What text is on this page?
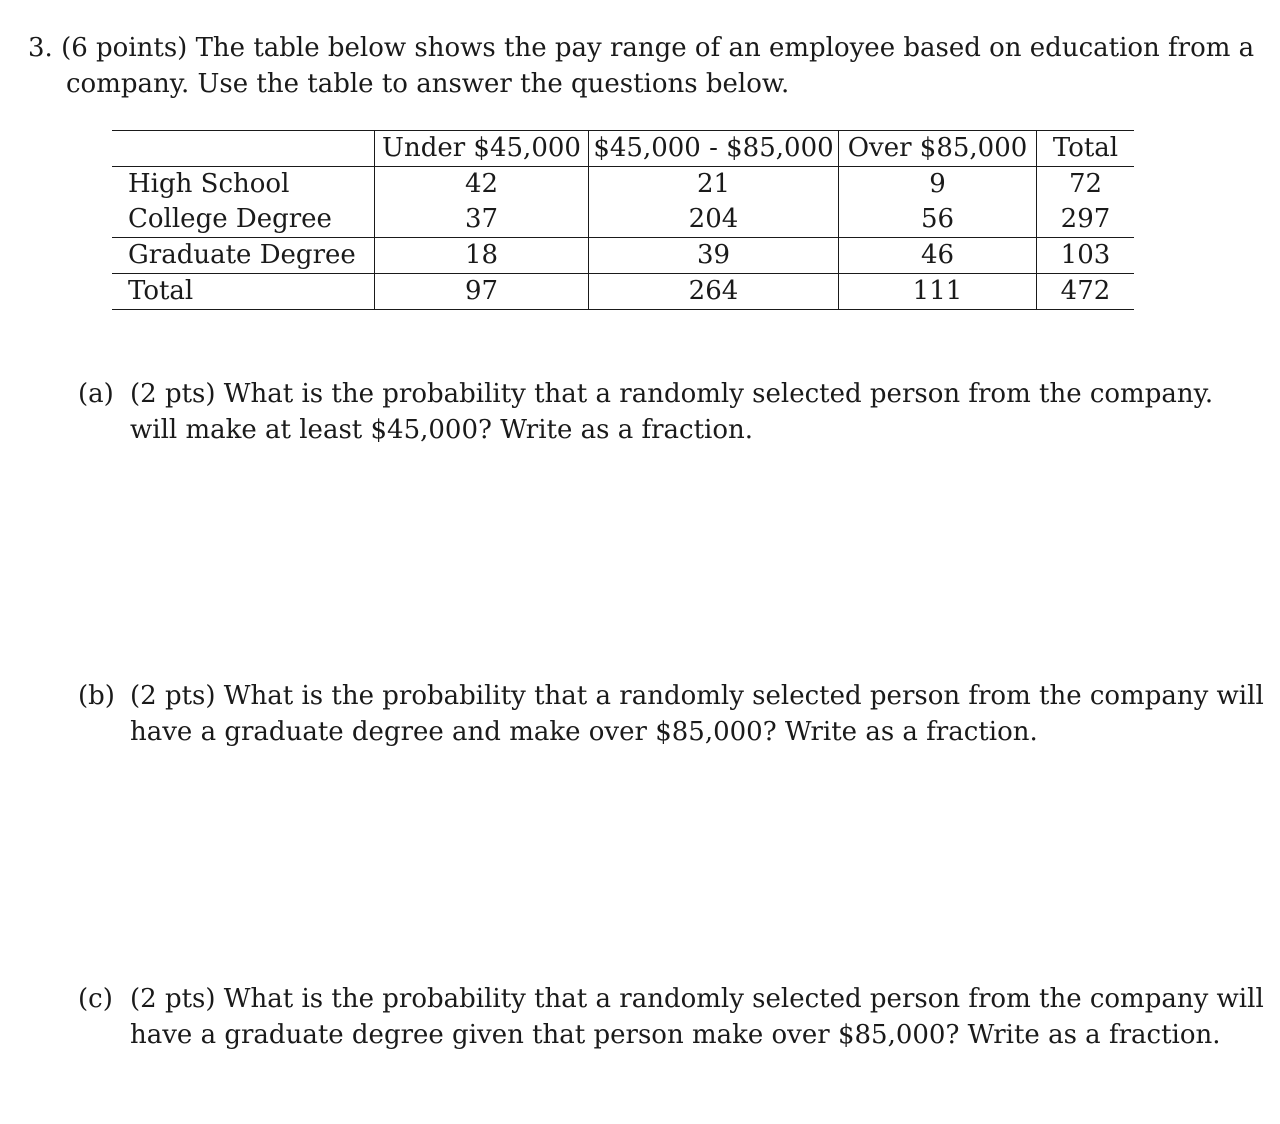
3. (6 points) The table below shows the pay range of an employee based on education from a
company. Use the table to answer the questions below.
	Under $45,000	$45,000 - $85,000	Over $85,000	Total
High School	42	21	9	72
College Degree	37	204	56	297
Graduate Degree	18	39	46	103
Total	97	264	111	472
(a) (2 pts) What is the probability that a randomly selected person from the company.
will make at least $45,000? Write as a fraction.
(b) (2 pts) What is the probability that a randomly selected person from the company will
have a graduate degree and make over $85,000? Write as a fraction.
(c) (2 pts) What is the probability that a randomly selected person from the company will
have a graduate degree given that person make over $85,000? Write as a fraction.
